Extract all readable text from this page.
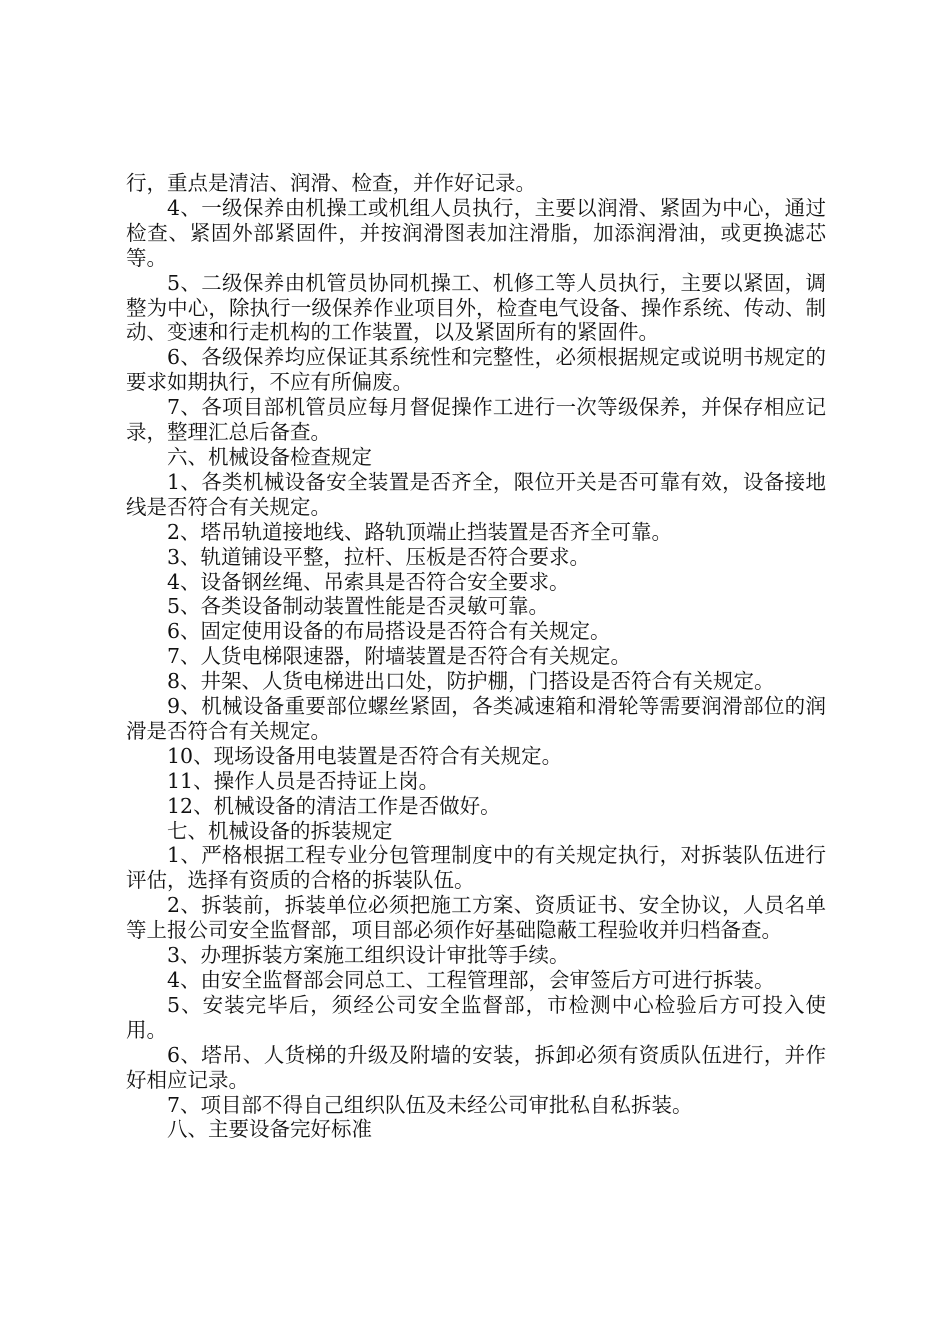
行，重点是清洁、润滑、检查，并作好记录。

4、一级保养由机操工或机组人员执行，主要以润滑、紧固为中心，通过检查、紧固外部紧固件，并按润滑图表加注滑脂，加添润滑油，或更换滤芯等。

5、二级保养由机管员协同机操工、机修工等人员执行，主要以紧固，调整为中心，除执行一级保养作业项目外，检查电气设备、操作系统、传动、制动、变速和行走机构的工作装置，以及紧固所有的紧固件。

6、各级保养均应保证其系统性和完整性，必须根据规定或说明书规定的要求如期执行，不应有所偏废。

7、各项目部机管员应每月督促操作工进行一次等级保养，并保存相应记录，整理汇总后备查。

六、机械设备检查规定

1、各类机械设备安全装置是否齐全，限位开关是否可靠有效，设备接地线是否符合有关规定。

2、塔吊轨道接地线、路轨顶端止挡装置是否齐全可靠。

3、轨道铺设平整，拉杆、压板是否符合要求。

4、设备钢丝绳、吊索具是否符合安全要求。

5、各类设备制动装置性能是否灵敏可靠。

6、固定使用设备的布局搭设是否符合有关规定。

7、人货电梯限速器，附墙装置是否符合有关规定。

8、井架、人货电梯进出口处，防护棚，门搭设是否符合有关规定。

9、机械设备重要部位螺丝紧固，各类减速箱和滑轮等需要润滑部位的润滑是否符合有关规定。

10、现场设备用电装置是否符合有关规定。

11、操作人员是否持证上岗。

12、机械设备的清洁工作是否做好。

七、机械设备的拆装规定

1、严格根据工程专业分包管理制度中的有关规定执行，对拆装队伍进行评估，选择有资质的合格的拆装队伍。

2、拆装前，拆装单位必须把施工方案、资质证书、安全协议，人员名单等上报公司安全监督部，项目部必须作好基础隐蔽工程验收并归档备查。

3、办理拆装方案施工组织设计审批等手续。

4、由安全监督部会同总工、工程管理部，会审签后方可进行拆装。

5、安装完毕后，须经公司安全监督部，市检测中心检验后方可投入使用。

6、塔吊、人货梯的升级及附墙的安装，拆卸必须有资质队伍进行，并作好相应记录。

7、项目部不得自己组织队伍及未经公司审批私自私拆装。

八、主要设备完好标准
